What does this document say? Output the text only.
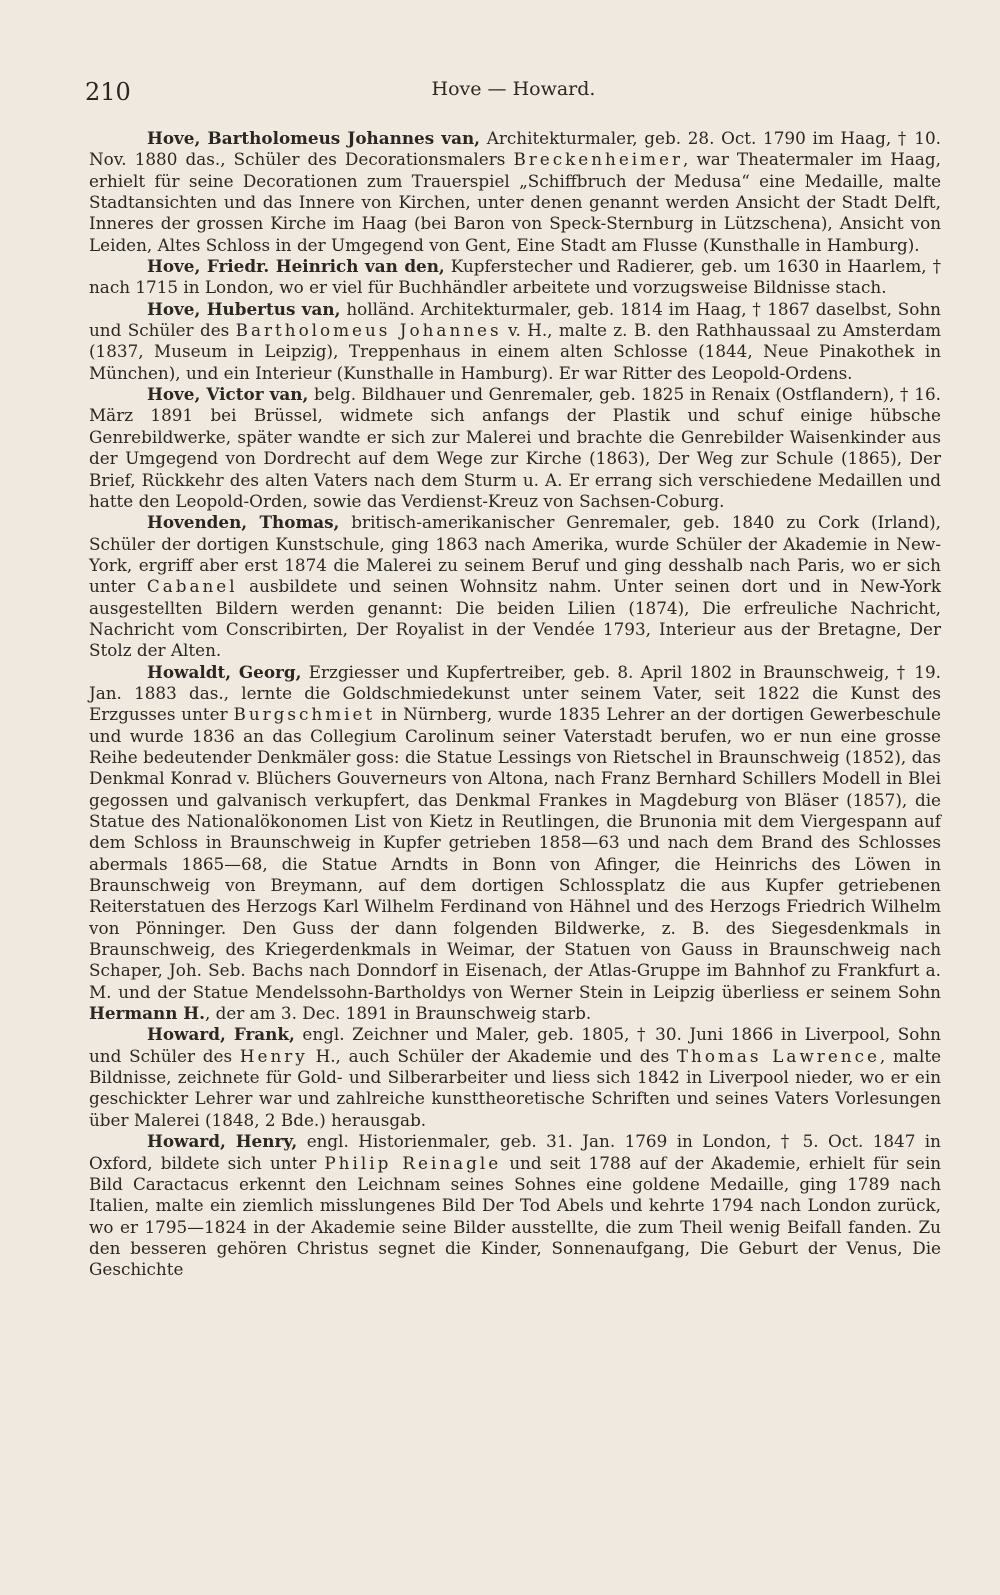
210	Hove — Howard.

Hove, Bartholomeus Johannes van, Architekturmaler, geb. 28. Oct. 1790 im Haag, † 10. Nov. 1880 das., Schüler des Decorationsmalers Breckenheimer, war Theatermaler im Haag, erhielt für seine Decorationen zum Trauerspiel „Schiffbruch der Medusa“ eine Medaille, malte Stadtansichten und das Innere von Kirchen, unter denen genannt werden Ansicht der Stadt Delft, Inneres der grossen Kirche im Haag (bei Baron von Speck-Sternburg in Lützschena), Ansicht von Leiden, Altes Schloss in der Umgegend von Gent, Eine Stadt am Flusse (Kunsthalle in Hamburg).

Hove, Friedr. Heinrich van den, Kupferstecher und Radierer, geb. um 1630 in Haarlem, † nach 1715 in London, wo er viel für Buchhändler arbeitete und vorzugsweise Bildnisse stach.

Hove, Hubertus van, holländ. Architekturmaler, geb. 1814 im Haag, † 1867 daselbst, Sohn und Schüler des Bartholomeus Johannes v. H., malte z. B. den Rathhaussaal zu Amsterdam (1837, Museum in Leipzig), Treppenhaus in einem alten Schlosse (1844, Neue Pinakothek in München), und ein Interieur (Kunsthalle in Hamburg). Er war Ritter des Leopold-Ordens.

Hove, Victor van, belg. Bildhauer und Genremaler, geb. 1825 in Renaix (Ostflandern), † 16. März 1891 bei Brüssel, widmete sich anfangs der Plastik und schuf einige hübsche Genrebildwerke, später wandte er sich zur Malerei und brachte die Genrebilder Waisenkinder aus der Umgegend von Dordrecht auf dem Wege zur Kirche (1863), Der Weg zur Schule (1865), Der Brief, Rückkehr des alten Vaters nach dem Sturm u. A. Er errang sich verschiedene Medaillen und hatte den Leopold-Orden, sowie das Verdienst-Kreuz von Sachsen-Coburg.

Hovenden, Thomas, britisch-amerikanischer Genremaler, geb. 1840 zu Cork (Irland), Schüler der dortigen Kunstschule, ging 1863 nach Amerika, wurde Schüler der Akademie in New-York, ergriff aber erst 1874 die Malerei zu seinem Beruf und ging desshalb nach Paris, wo er sich unter Cabanel ausbildete und seinen Wohnsitz nahm. Unter seinen dort und in New-York ausgestellten Bildern werden genannt: Die beiden Lilien (1874), Die erfreuliche Nachricht, Nachricht vom Conscribirten, Der Royalist in der Vendée 1793, Interieur aus der Bretagne, Der Stolz der Alten.

Howaldt, Georg, Erzgiesser und Kupfertreiber, geb. 8. April 1802 in Braunschweig, † 19. Jan. 1883 das., lernte die Goldschmiedekunst unter seinem Vater, seit 1822 die Kunst des Erzgusses unter Burgschmiet in Nürnberg, wurde 1835 Lehrer an der dortigen Gewerbeschule und wurde 1836 an das Collegium Carolinum seiner Vaterstadt berufen, wo er nun eine grosse Reihe bedeutender Denkmäler goss: die Statue Lessings von Rietschel in Braunschweig (1852), das Denkmal Konrad v. Blüchers Gouverneurs von Altona, nach Franz Bernhard Schillers Modell in Blei gegossen und galvanisch verkupfert, das Denkmal Frankes in Magdeburg von Bläser (1857), die Statue des Nationalökonomen List von Kietz in Reutlingen, die Brunonia mit dem Viergespann auf dem Schloss in Braunschweig in Kupfer getrieben 1858—63 und nach dem Brand des Schlosses abermals 1865—68, die Statue Arndts in Bonn von Afinger, die Heinrichs des Löwen in Braunschweig von Breymann, auf dem dortigen Schlossplatz die aus Kupfer getriebenen Reiterstatuen des Herzogs Karl Wilhelm Ferdinand von Hähnel und des Herzogs Friedrich Wilhelm von Pönninger. Den Guss der dann folgenden Bildwerke, z. B. des Siegesdenkmals in Braunschweig, des Kriegerdenkmals in Weimar, der Statuen von Gauss in Braunschweig nach Schaper, Joh. Seb. Bachs nach Donndorf in Eisenach, der Atlas-Gruppe im Bahnhof zu Frankfurt a. M. und der Statue Mendelssohn-Bartholdys von Werner Stein in Leipzig überliess er seinem Sohn Hermann H., der am 3. Dec. 1891 in Braunschweig starb.

Howard, Frank, engl. Zeichner und Maler, geb. 1805, † 30. Juni 1866 in Liverpool, Sohn und Schüler des Henry H., auch Schüler der Akademie und des Thomas Lawrence, malte Bildnisse, zeichnete für Gold- und Silberarbeiter und liess sich 1842 in Liverpool nieder, wo er ein geschickter Lehrer war und zahlreiche kunsttheoretische Schriften und seines Vaters Vorlesungen über Malerei (1848, 2 Bde.) herausgab.

Howard, Henry, engl. Historienmaler, geb. 31. Jan. 1769 in London, † 5. Oct. 1847 in Oxford, bildete sich unter Philip Reinagle und seit 1788 auf der Akademie, erhielt für sein Bild Caractacus erkennt den Leichnam seines Sohnes eine goldene Medaille, ging 1789 nach Italien, malte ein ziemlich misslungenes Bild Der Tod Abels und kehrte 1794 nach London zurück, wo er 1795—1824 in der Akademie seine Bilder ausstellte, die zum Theil wenig Beifall fanden. Zu den besseren gehören Christus segnet die Kinder, Sonnenaufgang, Die Geburt der Venus, Die Geschichte
